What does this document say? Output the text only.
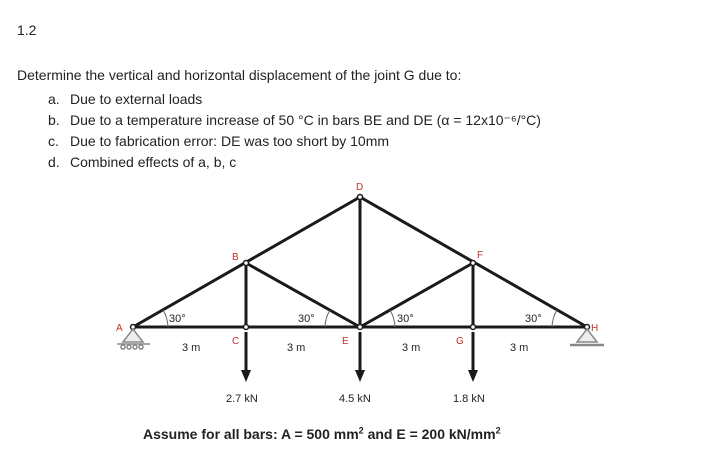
1.2
Determine the vertical and horizontal displacement of the joint G due to:
a. Due to external loads
b. Due to a temperature increase of 50 °C in bars BE and DE (α = 12x10⁻⁶/°C)
c. Due to fabrication error: DE was too short by 10mm
d. Combined effects of a, b, c
A
B
C
D
E
F
G
H
30°	30°	30°	30°
3 m	3 m	3 m	3 m
2.7 kN	4.5 kN	1.8 kN
Assume for all bars: A = 500 $mm^2$ and E = 200 $kN/mm^2$
